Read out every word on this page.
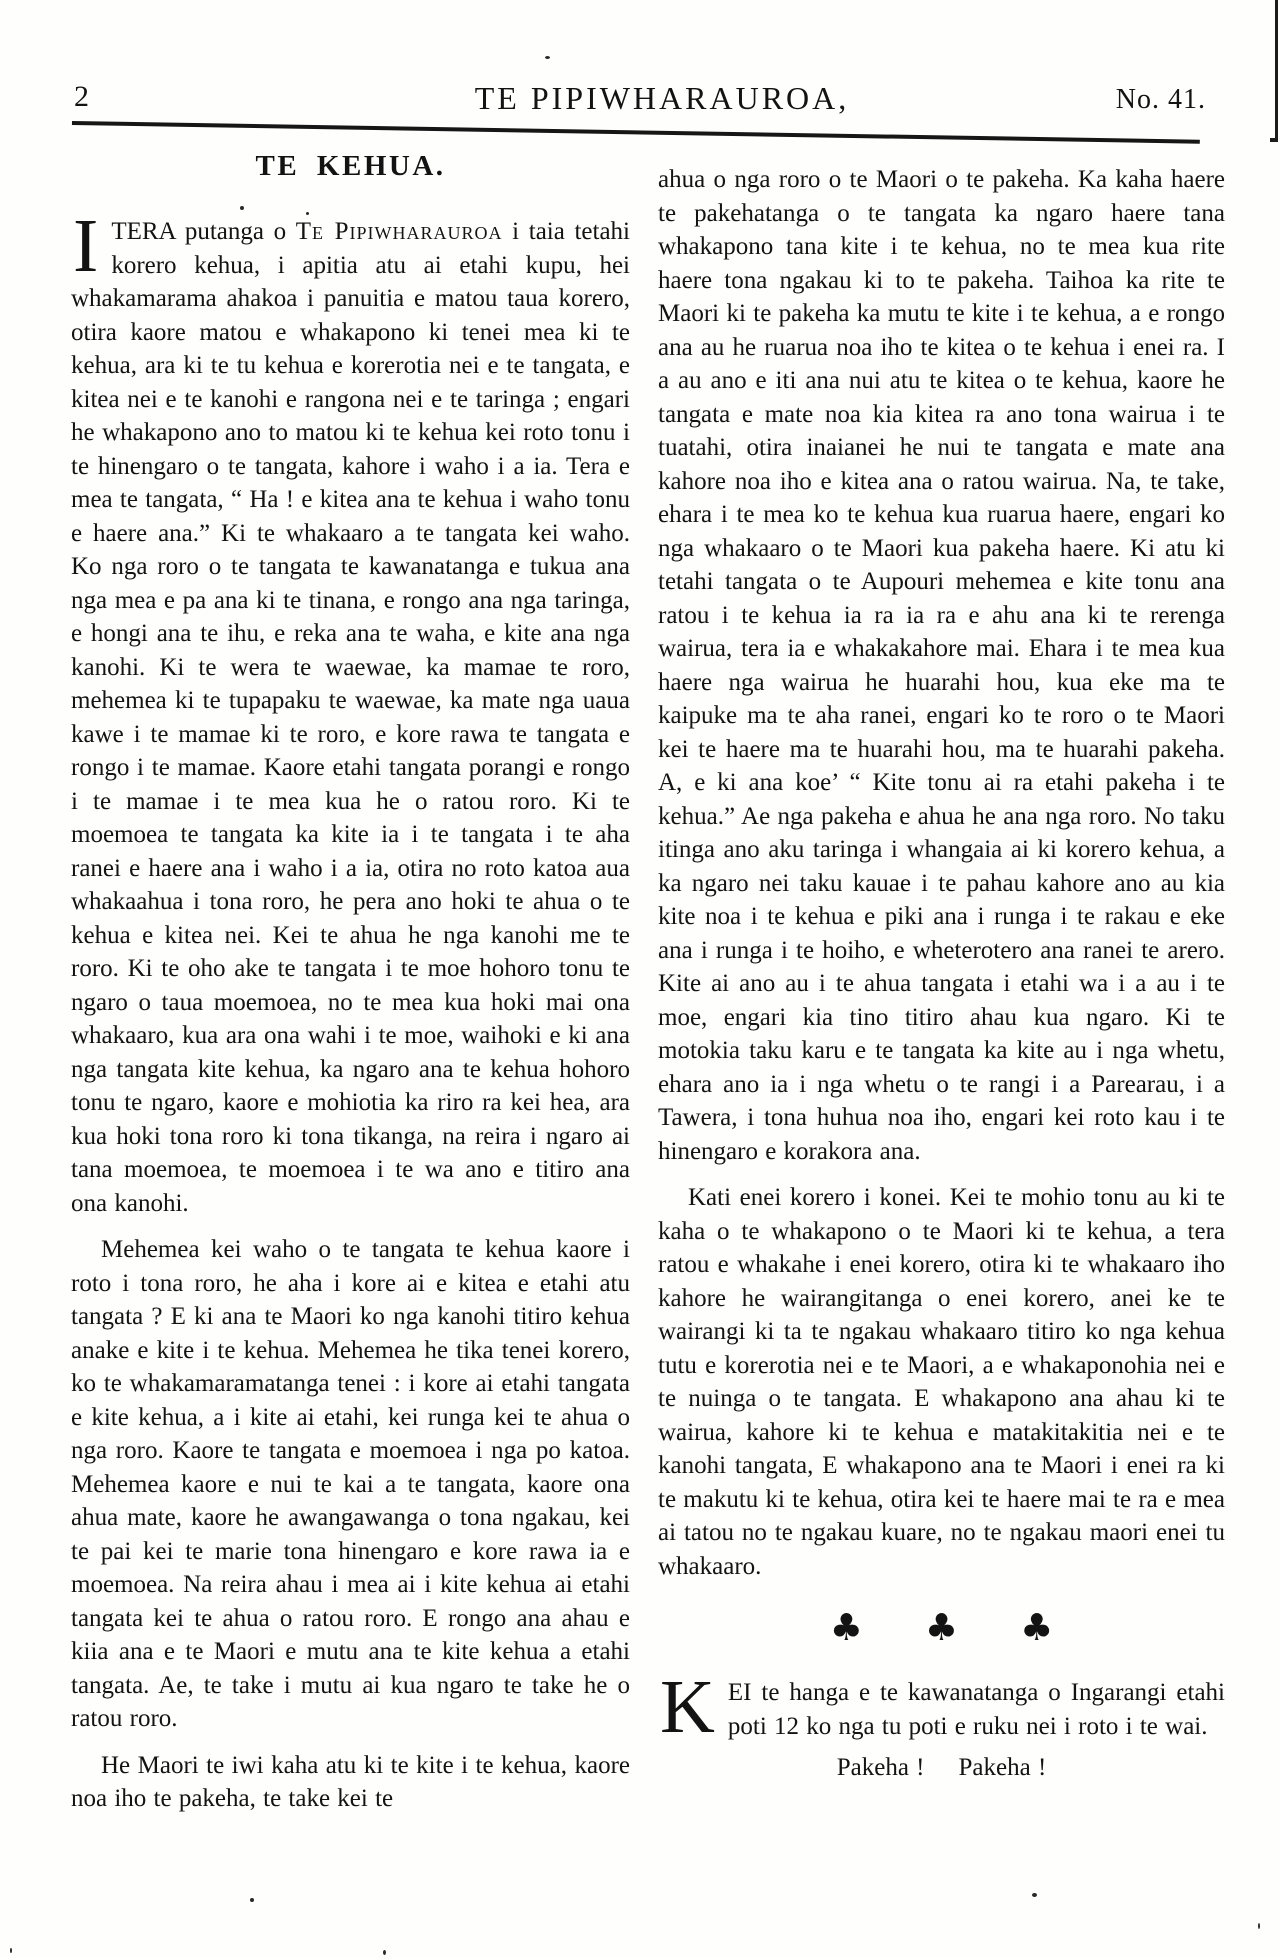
2	TE PIPIWHARAUROA,	No. 41.
TE KEHUA.

ITERA putanga o Te Pipiwharauroa i taia tetahi korero kehua, i apitia atu ai etahi kupu, hei whakamarama ahakoa i panuitia e matou taua korero, otira kaore matou e whakapono ki tenei mea ki te kehua, ara ki te tu kehua e korerotia nei e te tangata, e kitea nei e te kanohi e rangona nei e te taringa ; engari he whakapono ano to matou ki te kehua kei roto tonu i te hinengaro o te tangata, kahore i waho i a ia. Tera e mea te tangata, “ Ha ! e kitea ana te kehua i waho tonu e haere ana.” Ki te whakaaro a te tangata kei waho. Ko nga roro o te tangata te kawanatanga e tukua ana nga mea e pa ana ki te tinana, e rongo ana nga taringa, e hongi ana te ihu, e reka ana te waha, e kite ana nga kanohi. Ki te wera te waewae, ka mamae te roro, mehemea ki te tupapaku te waewae, ka mate nga uaua kawe i te mamae ki te roro, e kore rawa te tangata e rongo i te mamae. Kaore etahi tangata porangi e rongo i te mamae i te mea kua he o ratou roro. Ki te moemoea te tangata ka kite ia i te tangata i te aha ranei e haere ana i waho i a ia, otira no roto katoa aua whakaahua i tona roro, he pera ano hoki te ahua o te kehua e kitea nei. Kei te ahua he nga kanohi me te roro. Ki te oho ake te tangata i te moe hohoro tonu te ngaro o taua moemoea, no te mea kua hoki mai ona whakaaro, kua ara ona wahi i te moe, waihoki e ki ana nga tangata kite kehua, ka ngaro ana te kehua hohoro tonu te ngaro, kaore e mohiotia ka riro ra kei hea, ara kua hoki tona roro ki tona tikanga, na reira i ngaro ai tana moemoea, te moemoea i te wa ano e titiro ana ona kanohi.

Mehemea kei waho o te tangata te kehua kaore i roto i tona roro, he aha i kore ai e kitea e etahi atu tangata ? E ki ana te Maori ko nga kanohi titiro kehua anake e kite i te kehua. Mehemea he tika tenei korero, ko te whakamaramatanga tenei : i kore ai etahi tangata e kite kehua, a i kite ai etahi, kei runga kei te ahua o nga roro. Kaore te tangata e moemoea i nga po katoa. Mehemea kaore e nui te kai a te tangata, kaore ona ahua mate, kaore he awangawanga o tona ngakau, kei te pai kei te marie tona hinengaro e kore rawa ia e moemoea. Na reira ahau i mea ai i kite kehua ai etahi tangata kei te ahua o ratou roro. E rongo ana ahau e kiia ana e te Maori e mutu ana te kite kehua a etahi tangata. Ae, te take i mutu ai kua ngaro te take he o ratou roro.

He Maori te iwi kaha atu ki te kite i te kehua, kaore noa iho te pakeha, te take kei te

ahua o nga roro o te Maori o te pakeha. Ka kaha haere te pakehatanga o te tangata ka ngaro haere tana whakapono tana kite i te kehua, no te mea kua rite haere tona ngakau ki to te pakeha. Taihoa ka rite te Maori ki te pakeha ka mutu te kite i te kehua, a e rongo ana au he ruarua noa iho te kitea o te kehua i enei ra. I a au ano e iti ana nui atu te kitea o te kehua, kaore he tangata e mate noa kia kitea ra ano tona wairua i te tuatahi, otira inaianei he nui te tangata e mate ana kahore noa iho e kitea ana o ratou wairua. Na, te take, ehara i te mea ko te kehua kua ruarua haere, engari ko nga whakaaro o te Maori kua pakeha haere. Ki atu ki tetahi tangata o te Aupouri mehemea e kite tonu ana ratou i te kehua ia ra ia ra e ahu ana ki te rerenga wairua, tera ia e whakakahore mai. Ehara i te mea kua haere nga wairua he huarahi hou, kua eke ma te kaipuke ma te aha ranei, engari ko te roro o te Maori kei te haere ma te huarahi hou, ma te huarahi pakeha. A, e ki ana koe’ “ Kite tonu ai ra etahi pakeha i te kehua.” Ae nga pakeha e ahua he ana nga roro. No taku itinga ano aku taringa i whangaia ai ki korero kehua, a ka ngaro nei taku kauae i te pahau kahore ano au kia kite noa i te kehua e piki ana i runga i te rakau e eke ana i runga i te hoiho, e wheterotero ana ranei te arero. Kite ai ano au i te ahua tangata i etahi wa i a au i te moe, engari kia tino titiro ahau kua ngaro. Ki te motokia taku karu e te tangata ka kite au i nga whetu, ehara ano ia i nga whetu o te rangi i a Parearau, i a Tawera, i tona huhua noa iho, engari kei roto kau i te hinengaro e korakora ana.

Kati enei korero i konei. Kei te mohio tonu au ki te kaha o te whakapono o te Maori ki te kehua, a tera ratou e whakahe i enei korero, otira ki te whakaaro iho kahore he wairangitanga o enei korero, anei ke te wairangi ki ta te ngakau whakaaro titiro ko nga kehua tutu e korerotia nei e te Maori, a e whakaponohia nei e te nuinga o te tangata. E whakapono ana ahau ki te wairua, kahore ki te kehua e matakitakitia nei e te kanohi tangata, E whakapono ana te Maori i enei ra ki te makutu ki te kehua, otira kei te haere mai te ra e mea ai tatou no te ngakau kuare, no te ngakau maori enei tu whakaaro.

♣ ♣ ♣

KEI te hanga e te kawanatanga o Ingarangi etahi poti 12 ko nga tu poti e ruku nei i roto i te wai.

Pakeha ! Pakeha !
